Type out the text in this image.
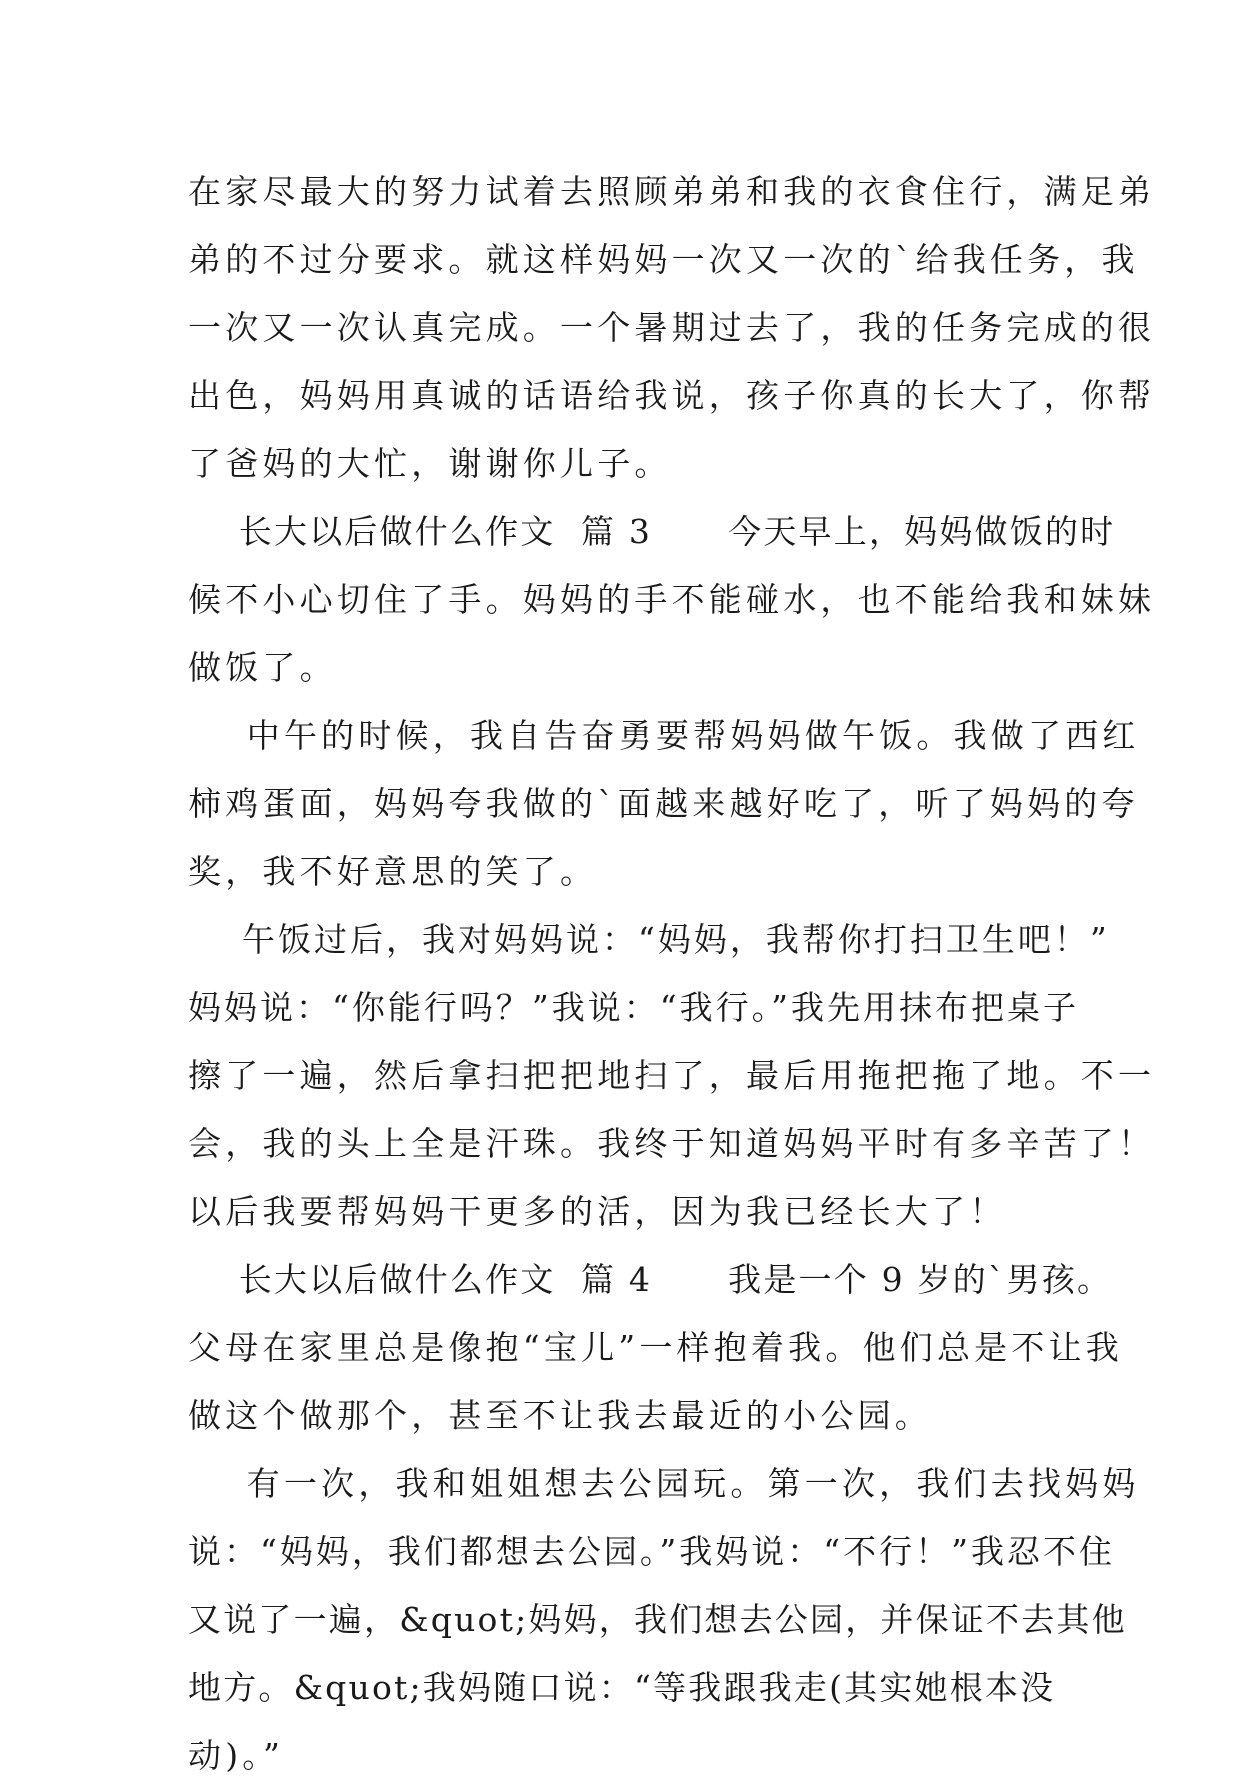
在家尽最大的努力试着去照顾弟弟和我的衣食住行，满足弟
弟的不过分要求。就这样妈妈一次又一次的`给我任务，我
一次又一次认真完成。一个暑期过去了，我的任务完成的很
出色，妈妈用真诚的话语给我说，孩子你真的长大了，你帮
了爸妈的大忙，谢谢你儿子。
长大以后做什么作文  篇 3      今天早上，妈妈做饭的时
候不小心切住了手。妈妈的手不能碰水，也不能给我和妹妹
做饭了。
中午的时候，我自告奋勇要帮妈妈做午饭。我做了西红
柿鸡蛋面，妈妈夸我做的`面越来越好吃了，听了妈妈的夸
奖，我不好意思的笑了。
午饭过后，我对妈妈说：“妈妈，我帮你打扫卫生吧！”
妈妈说：“你能行吗？”我说：“我行。”我先用抹布把桌子
擦了一遍，然后拿扫把把地扫了，最后用拖把拖了地。不一
会，我的头上全是汗珠。我终于知道妈妈平时有多辛苦了！
以后我要帮妈妈干更多的活，因为我已经长大了！
长大以后做什么作文  篇 4      我是一个 9 岁的`男孩。
父母在家里总是像抱“宝儿”一样抱着我。他们总是不让我
做这个做那个，甚至不让我去最近的小公园。
有一次，我和姐姐想去公园玩。第一次，我们去找妈妈
说：“妈妈，我们都想去公园。”我妈说：“不行！”我忍不住
又说了一遍，&quot;妈妈，我们想去公园，并保证不去其他
地方。&quot;我妈随口说：“等我跟我走(其实她根本没
动)。”
